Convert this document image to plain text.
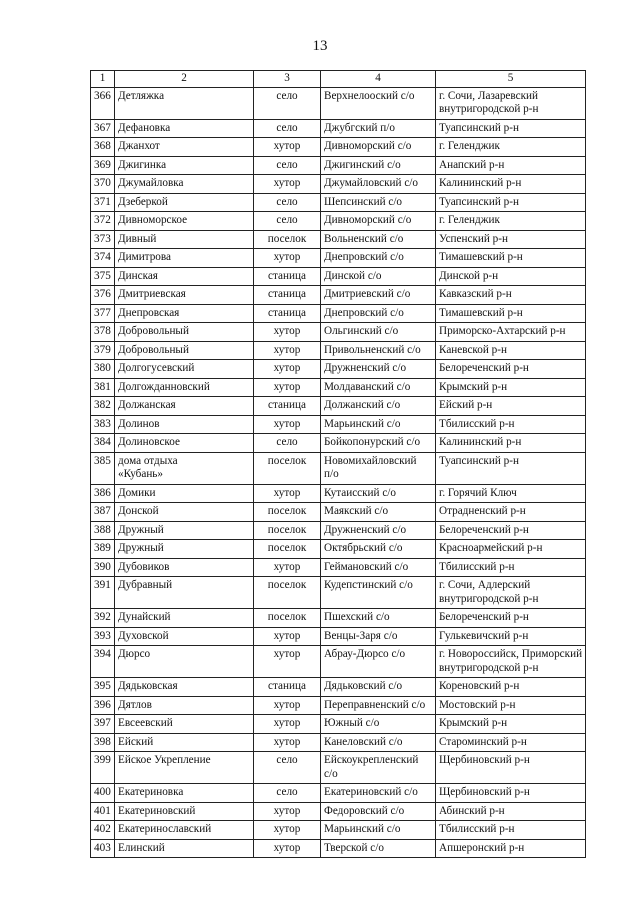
13
1	2	3	4	5
366	Детляжка	село	Верхнелооский с/о	г. Сочи, Лазаревский
внутригородской р-н

367	Дефановка	село	Джубгский п/о	Туапсинский р-н

368	Джанхот	хутор	Дивноморский с/о	г. Геленджик

369	Джигинка	село	Джигинский с/о	Анапский р-н

370	Джумайловка	хутор	Джумайловский с/о	Калининский р-н

371	Дзеберкой	село	Шепсинский с/о	Туапсинский р-н

372	Дивноморское	село	Дивноморский с/о	г. Геленджик

373	Дивный	поселок	Вольненский с/о	Успенский р-н

374	Димитрова	хутор	Днепровский с/о	Тимашевский р-н

375	Динская	станица	Динской с/о	Динской р-н

376	Дмитриевская	станица	Дмитриевский с/о	Кавказский р-н

377	Днепровская	станица	Днепровский с/о	Тимашевский р-н

378	Добровольный	хутор	Ольгинский с/о	Приморско-Ахтарский р-н

379	Добровольный	хутор	Привольненский с/о	Каневской р-н

380	Долгогусевский	хутор	Дружненский с/о	Белореченский р-н

381	Долгожданновский	хутор	Молдаванский с/о	Крымский р-н

382	Должанская	станица	Должанский с/о	Ейский р-н

383	Долинов	хутор	Марьинский с/о	Тбилисский р-н

384	Долиновское	село	Бойкопонурский с/о	Калининский р-н

385	дома отдыха
«Кубань»	поселок	Новомихайловский
п/о	Туапсинский р-н

386	Домики	хутор	Кутаисский с/о	г. Горячий Ключ

387	Донской	поселок	Маякский с/о	Отрадненский р-н

388	Дружный	поселок	Дружненский с/о	Белореченский р-н

389	Дружный	поселок	Октябрьский с/о	Красноармейский р-н

390	Дубовиков	хутор	Геймановский с/о	Тбилисский р-н

391	Дубравный	поселок	Кудепстинский с/о	г. Сочи, Адлерский
внутригородской р-н

392	Дунайский	поселок	Пшехский с/о	Белореченский р-н

393	Духовской	хутор	Венцы-Заря с/о	Гулькевичский р-н

394	Дюрсо	хутор	Абрау-Дюрсо с/о	г. Новороссийск, Приморский
внутригородской р-н

395	Дядьковская	станица	Дядьковский с/о	Кореновский р-н

396	Дятлов	хутор	Переправненский с/о	Мостовский р-н

397	Евсеевский	хутор	Южный с/о	Крымский р-н

398	Ейский	хутор	Канеловский с/о	Староминский р-н

399	Ейское Укрепление	село	Ейскоукрепленский
с/о	Щербиновский р-н

400	Екатериновка	село	Екатериновский с/о	Щербиновский р-н

401	Екатериновский	хутор	Федоровский с/о	Абинский р-н

402	Екатеринославский	хутор	Марьинский с/о	Тбилисский р-н

403	Елинский	хутор	Тверской с/о	Апшеронский р-н
